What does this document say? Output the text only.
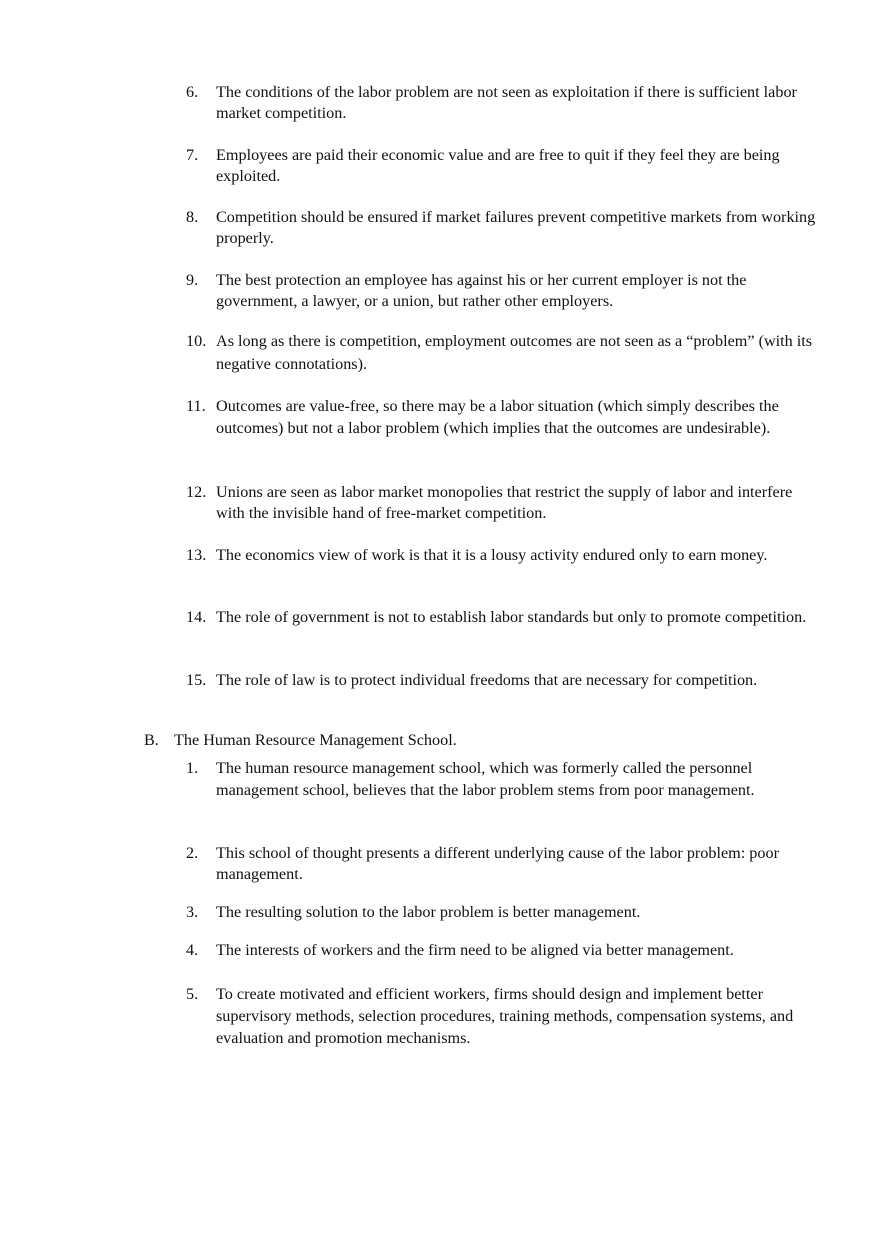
6. The conditions of the labor problem are not seen as exploitation if there is sufficient labor market competition.
7. Employees are paid their economic value and are free to quit if they feel they are being exploited.
8. Competition should be ensured if market failures prevent competitive markets from working properly.
9. The best protection an employee has against his or her current employer is not the government, a lawyer, or a union, but rather other employers.
10. As long as there is competition, employment outcomes are not seen as a “problem” (with its negative connotations).
11. Outcomes are value-free, so there may be a labor situation (which simply describes the outcomes) but not a labor problem (which implies that the outcomes are undesirable).
12. Unions are seen as labor market monopolies that restrict the supply of labor and interfere with the invisible hand of free-market competition.
13. The economics view of work is that it is a lousy activity endured only to earn money.
14. The role of government is not to establish labor standards but only to promote competition.
15. The role of law is to protect individual freedoms that are necessary for competition.
B. The Human Resource Management School.
1. The human resource management school, which was formerly called the personnel management school, believes that the labor problem stems from poor management.
2. This school of thought presents a different underlying cause of the labor problem: poor management.
3. The resulting solution to the labor problem is better management.
4. The interests of workers and the firm need to be aligned via better management.
5. To create motivated and efficient workers, firms should design and implement better supervisory methods, selection procedures, training methods, compensation systems, and evaluation and promotion mechanisms.
